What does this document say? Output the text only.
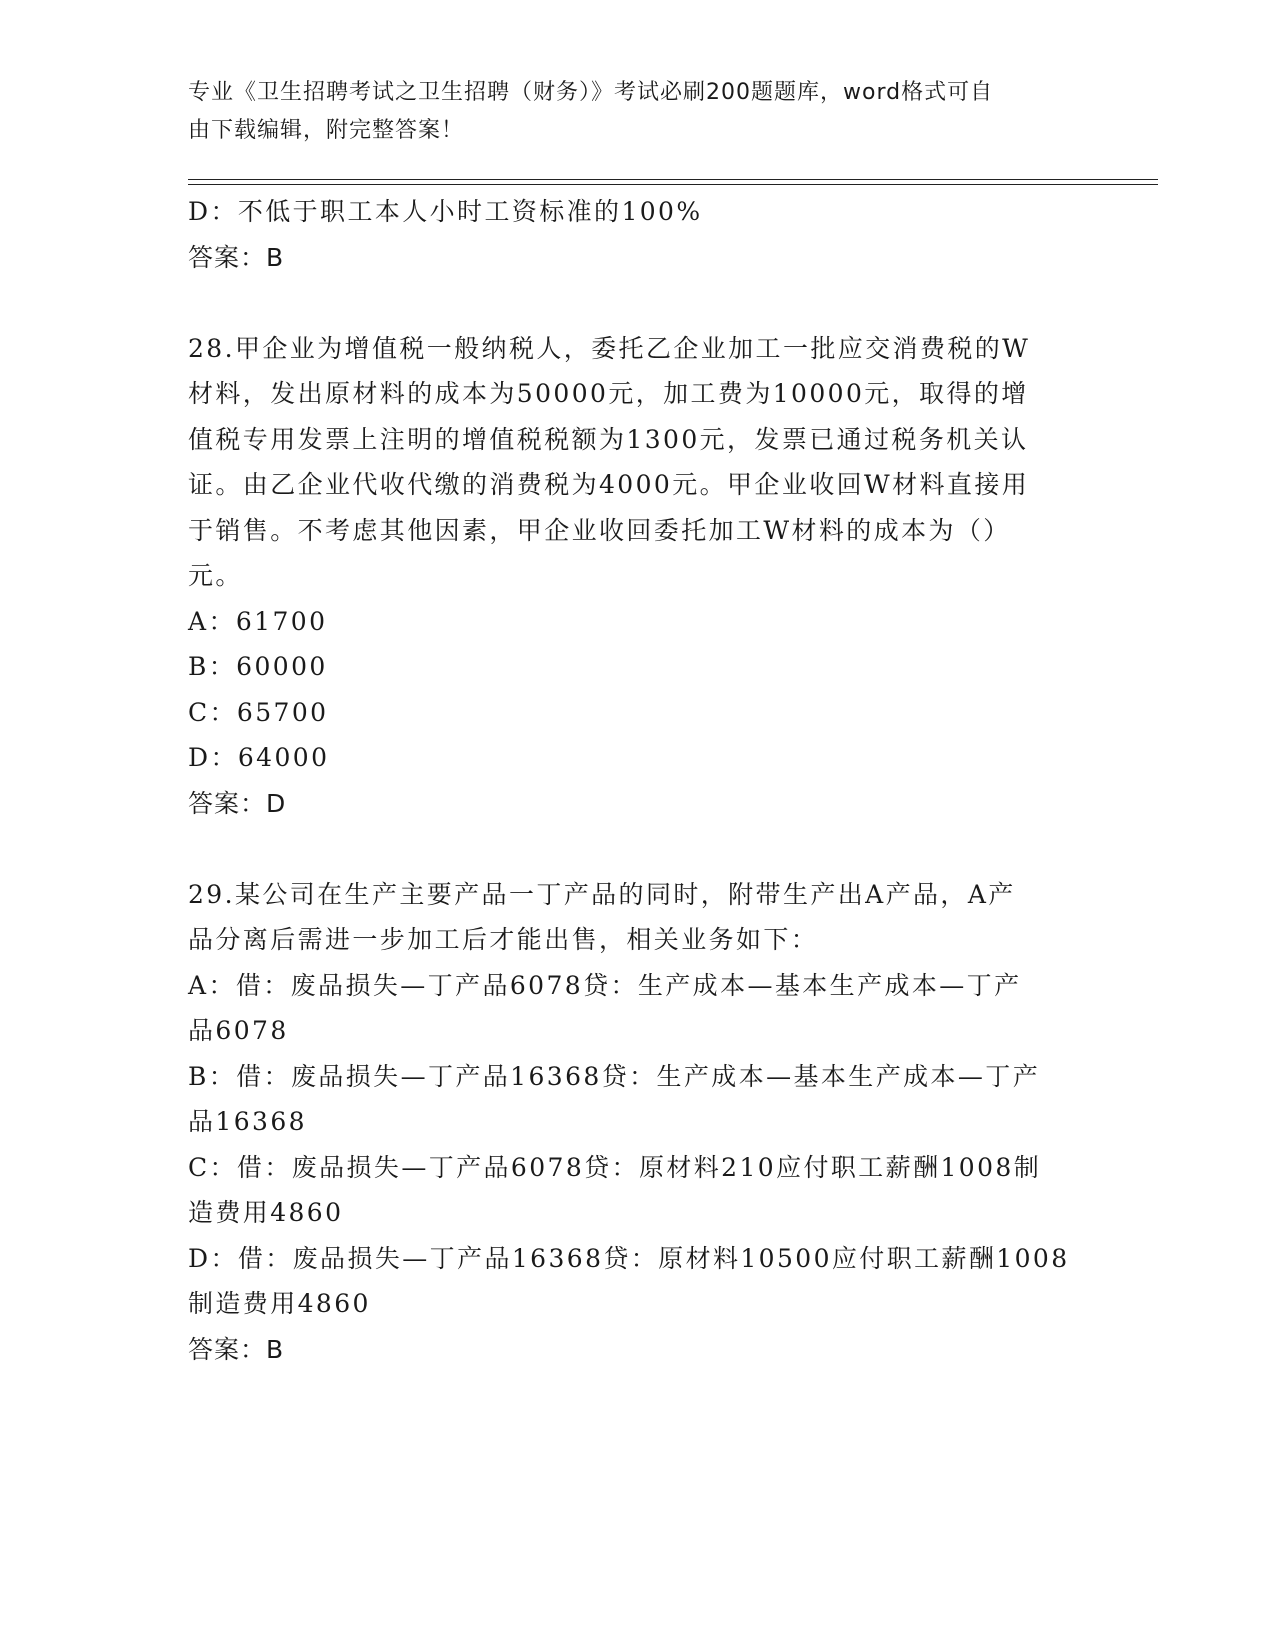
专业《卫生招聘考试之卫生招聘（财务）》考试必刷200题题库，word格式可自
由下载编辑，附完整答案！
D：不低于职工本人小时工资标准的100%
答案：B
28.甲企业为增值税一般纳税人，委托乙企业加工一批应交消费税的W
材料，发出原材料的成本为50000元，加工费为10000元，取得的增
值税专用发票上注明的增值税税额为1300元，发票已通过税务机关认
证。由乙企业代收代缴的消费税为4000元。甲企业收回W材料直接用
于销售。不考虑其他因素，甲企业收回委托加工W材料的成本为（）
元。
A：61700
B：60000
C：65700
D：64000
答案：D
29.某公司在生产主要产品一丁产品的同时，附带生产出A产品，A产
品分离后需进一步加工后才能出售，相关业务如下：
A：借：废品损失—丁产品6078贷：生产成本—基本生产成本—丁产
品6078
B：借：废品损失—丁产品16368贷：生产成本—基本生产成本—丁产
品16368
C：借：废品损失—丁产品6078贷：原材料210应付职工薪酬1008制
造费用4860
D：借：废品损失—丁产品16368贷：原材料10500应付职工薪酬1008
制造费用4860
答案：B
